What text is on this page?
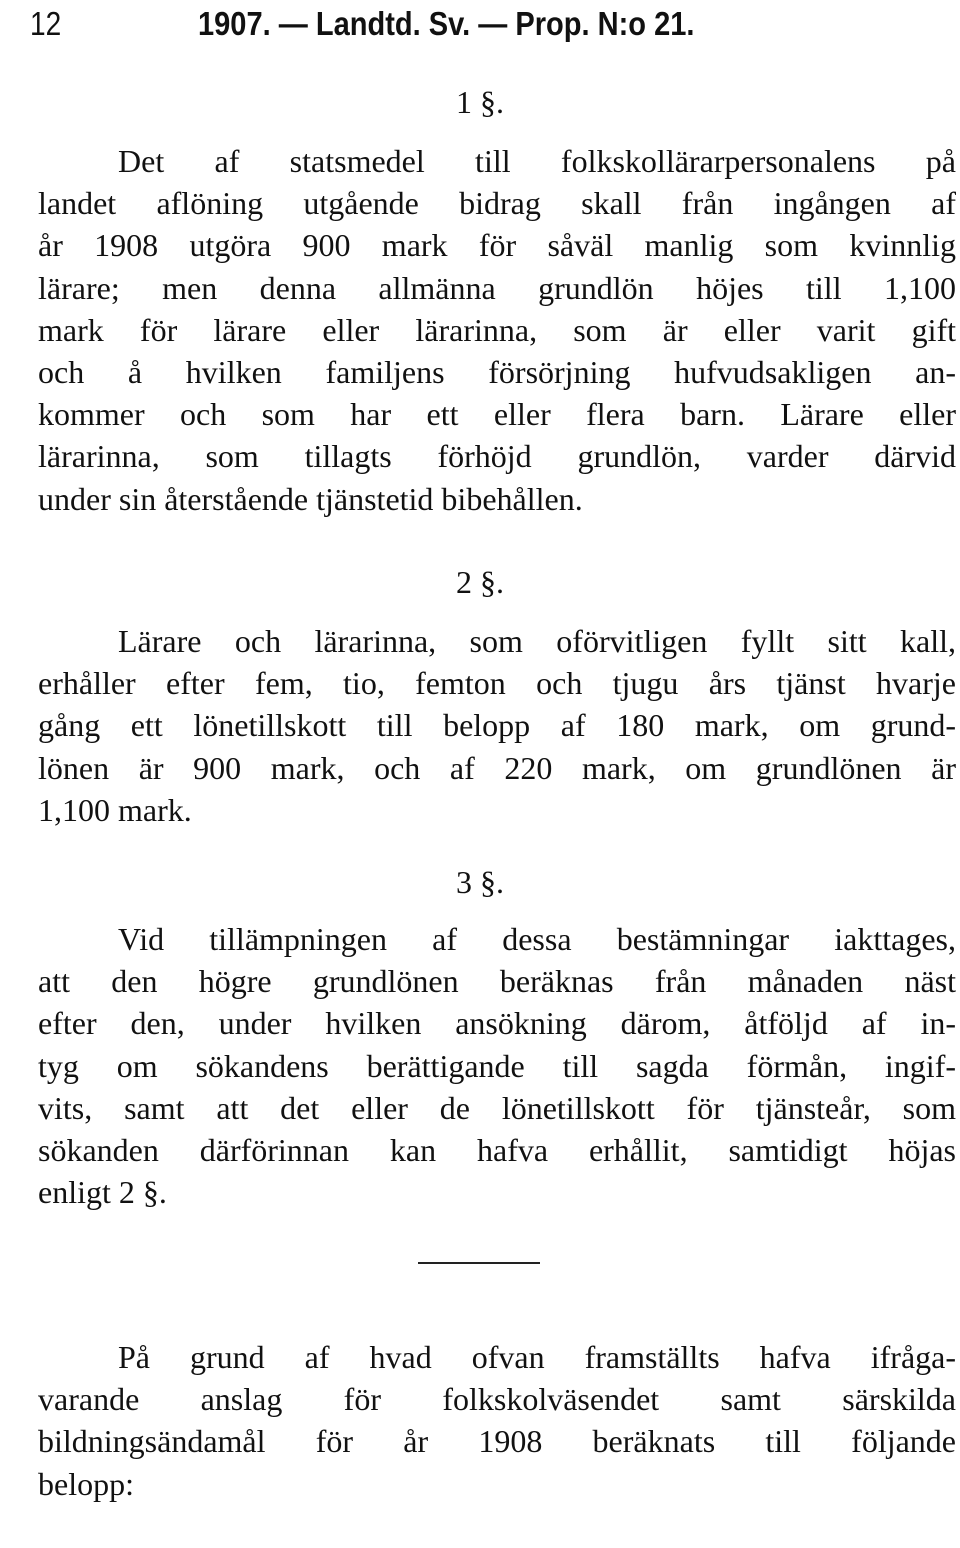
12	1907. — Landtd. Sv. — Prop. N:o 21.
1 §.
Det af statsmedel till folkskollärarpersonalens på
landet aflöning utgående bidrag skall från ingången af
år 1908 utgöra 900 mark för såväl manlig som kvinnlig
lärare; men denna allmänna grundlön höjes till 1,100
mark för lärare eller lärarinna, som är eller varit gift
och å hvilken familjens försörjning hufvudsakligen an-
kommer och som har ett eller flera barn. Lärare eller
lärarinna, som tillagts förhöjd grundlön, varder därvid
under sin återstående tjänstetid bibehållen.
2 §.
Lärare och lärarinna, som oförvitligen fyllt sitt kall,
erhåller efter fem, tio, femton och tjugu års tjänst hvarje
gång ett lönetillskott till belopp af 180 mark, om grund-
lönen är 900 mark, och af 220 mark, om grundlönen är
1,100 mark.
3 §.
Vid tillämpningen af dessa bestämningar iakttages,
att den högre grundlönen beräknas från månaden näst
efter den, under hvilken ansökning därom, åtföljd af in-
tyg om sökandens berättigande till sagda förmån, ingif-
vits, samt att det eller de lönetillskott för tjänsteår, som
sökanden därförinnan kan hafva erhållit, samtidigt höjas
enligt 2 §.
På grund af hvad ofvan framställts hafva ifråga-
varande anslag för folkskolväsendet samt särskilda
bildningsändamål för år 1908 beräknats till följande
belopp:
